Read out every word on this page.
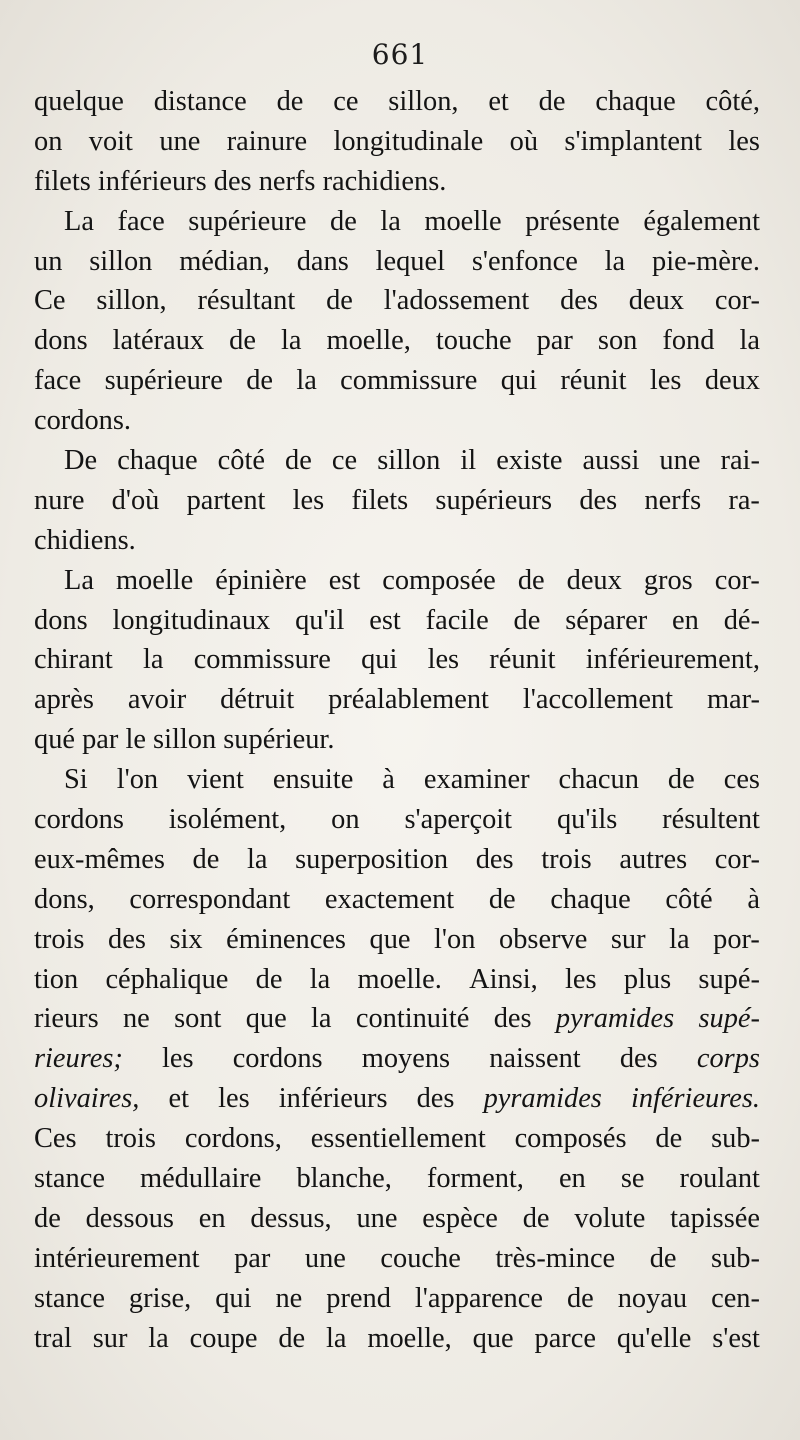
661
quelque distance de ce sillon, et de chaque côté,
on voit une rainure longitudinale où s'implantent les
filets inférieurs des nerfs rachidiens.
La face supérieure de la moelle présente également
un sillon médian, dans lequel s'enfonce la pie-mère.
Ce sillon, résultant de l'adossement des deux cor-
dons latéraux de la moelle, touche par son fond la
face supérieure de la commissure qui réunit les deux
cordons.
De chaque côté de ce sillon il existe aussi une rai-
nure d'où partent les filets supérieurs des nerfs ra-
chidiens.
La moelle épinière est composée de deux gros cor-
dons longitudinaux qu'il est facile de séparer en dé-
chirant la commissure qui les réunit inférieurement,
après avoir détruit préalablement l'accollement mar-
qué par le sillon supérieur.
Si l'on vient ensuite à examiner chacun de ces
cordons isolément, on s'aperçoit qu'ils résultent
eux-mêmes de la superposition des trois autres cor-
dons, correspondant exactement de chaque côté à
trois des six éminences que l'on observe sur la por-
tion céphalique de la moelle. Ainsi, les plus supé-
rieurs ne sont que la continuité des pyramides supé-
rieures; les cordons moyens naissent des corps
olivaires, et les inférieurs des pyramides inférieures.
Ces trois cordons, essentiellement composés de sub-
stance médullaire blanche, forment, en se roulant
de dessous en dessus, une espèce de volute tapissée
intérieurement par une couche très-mince de sub-
stance grise, qui ne prend l'apparence de noyau cen-
tral sur la coupe de la moelle, que parce qu'elle s'est
